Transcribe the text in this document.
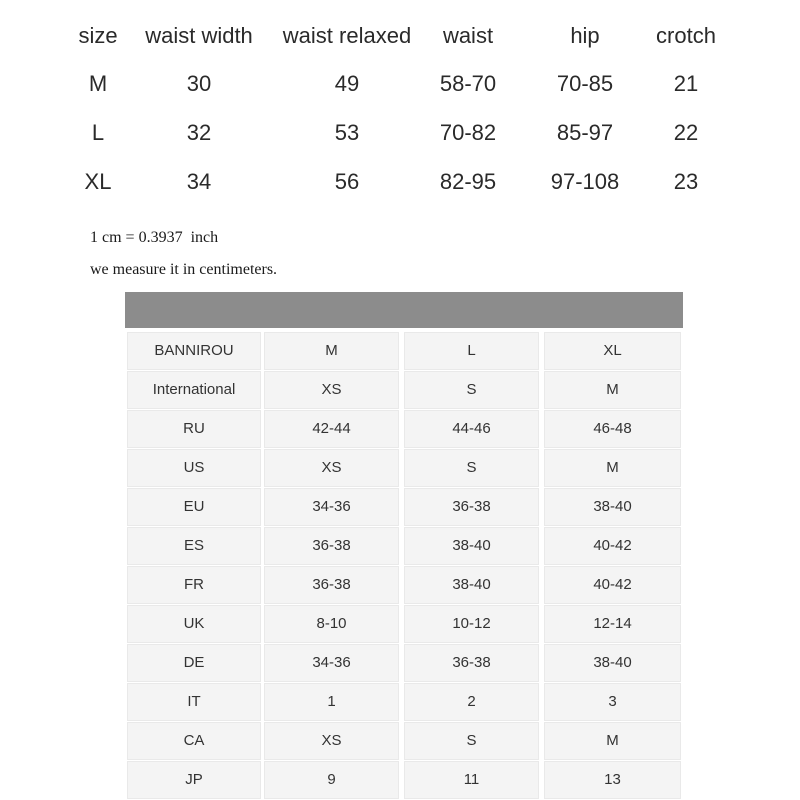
size	waist width	waist relaxed	waist	hip	crotch
M	30	49	58-70	70-85	21
L	32	53	70-82	85-97	22
XL	34	56	82-95	97-108	23
1 cm = 0.3937  inch
we measure it in centimeters.
BANNIROU	M	L	XL
International	XS	S	M
RU	42-44	44-46	46-48
US	XS	S	M
EU	34-36	36-38	38-40
ES	36-38	38-40	40-42
FR	36-38	38-40	40-42
UK	8-10	10-12	12-14
DE	34-36	36-38	38-40
IT	1	2	3
CA	XS	S	M
JP	9	11	13
